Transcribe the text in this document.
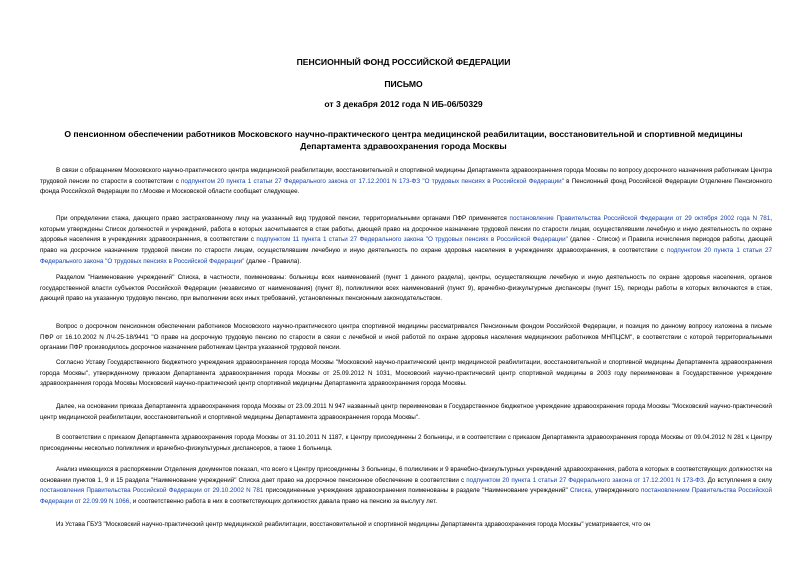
ПЕНСИОННЫЙ ФОНД РОССИЙСКОЙ ФЕДЕРАЦИИ
ПИСЬМО
от 3 декабря 2012 года N ИБ-06/50329
О пенсионном обеспечении работников Московского научно-практического центра медицинской реабилитации, восстановительной и спортивной медицины Департамента здравоохранения города Москвы

В связи с обращением Московского научно-практического центра медицинской реабилитации, восстановительной и спортивной медицины Департамента здравоохранения города Москвы по вопросу досрочного назначения работникам Центра трудовой пенсии по старости в соответствии с подпунктом 20 пункта 1 статьи 27 Федерального закона от 17.12.2001 N 173-ФЗ "О трудовых пенсиях в Российской Федерации" в Пенсионный фонд Российской Федерации Отделение Пенсионного фонда Российской Федерации по г.Москве и Московской области сообщает следующее.

При определении стажа, дающего право застрахованному лицу на указанный вид трудовой пенсии, территориальными органами ПФР применяется постановление Правительства Российской Федерации от 29 октября 2002 года N 781, которым утверждены Список должностей и учреждений, работа в которых засчитывается в стаж работы, дающей право на досрочное назначение трудовой пенсии по старости лицам, осуществлявшим лечебную и иную деятельность по охране здоровья населения в учреждениях здравоохранения, в соответствии с подпунктом 11 пункта 1 статьи 27 Федерального закона "О трудовых пенсиях в Российской Федерации" (далее - Список) и Правила исчисления периодов работы, дающей право на досрочное назначение трудовой пенсии по старости лицам, осуществлявшим лечебную и иную деятельность по охране здоровья населения в учреждениях здравоохранения, в соответствии с подпунктом 20 пункта 1 статьи 27 Федерального закона "О трудовых пенсиях в Российской Федерации" (далее - Правила).

Разделом "Наименование учреждений" Списка, в частности, поименованы: больницы всех наименований (пункт 1 данного раздела), центры, осуществляющие лечебную и иную деятельность по охране здоровья населения, органов государственной власти субъектов Российской Федерации (независимо от наименования) (пункт 8), поликлиники всех наименований (пункт 9), врачебно-физкультурные диспансеры (пункт 15), периоды работы в которых включаются в стаж, дающий право на указанную трудовую пенсию, при выполнении всех иных требований, установленных пенсионным законодательством.

Вопрос о досрочном пенсионном обеспечении работников Московского научно-практического центра спортивной медицины рассматривался Пенсионным фондом Российской Федерации, и позиция по данному вопросу изложена в письме ПФР от 16.10.2002 N ЛЧ-25-18/9441 "О праве на досрочную трудовую пенсию по старости в связи с лечебной и иной работой по охране здоровья населения медицинских работников МНПЦСМ", в соответствии с которой территориальными органами ПФР производилось досрочное назначение работникам Центра указанной трудовой пенсии.

Согласно Уставу Государственного бюджетного учреждения здравоохранения города Москвы "Московский научно-практический центр медицинской реабилитации, восстановительной и спортивной медицины Департамента здравоохранения города Москвы", утвержденному приказом Департамента здравоохранения города Москвы от 25.09.2012 N 1031, Московский научно-практический центр спортивной медицины в 2003 году переименован в Государственное учреждение здравоохранения города Москвы Московский научно-практический центр спортивной медицины Департамента здравоохранения города Москвы.

Далее, на основании приказа Департамента здравоохранения города Москвы от 23.09.2011 N 947 названный центр переименован в Государственное бюджетное учреждение здравоохранения города Москвы "Московский научно-практический центр медицинской реабилитации, восстановительной и спортивной медицины Департамента здравоохранения города Москвы".

В соответствии с приказом Департамента здравоохранения города Москвы от 31.10.2011 N 1187, к Центру присоединены 2 больницы, и в соответствии с приказом Департамента здравоохранения города Москвы от 09.04.2012 N 281 к Центру присоединены несколько поликлиник и врачебно-физкультурных диспансеров, а также 1 больница.

Анализ имеющихся в распоряжении Отделения документов показал, что всего к Центру присоединены 3 больницы, 6 поликлиник и 9 врачебно-физкультурных учреждений здравоохранения, работа в которых в соответствующих должностях на основании пунктов 1, 9 и 15 раздела "Наименование учреждений" Списка дает право на досрочное пенсионное обеспечение в соответствии с подпунктом 20 пункта 1 статьи 27 Федерального закона от 17.12.2001 N 173-ФЗ. До вступления в силу постановления Правительства Российской Федерации от 29.10.2002 N 781 присоединенные учреждения здравоохранения поименованы в разделе "Наименование учреждений" Списка, утвержденного постановлением Правительства Российской Федерации от 22.09.99 N 1066, и соответственно работа в них в соответствующих должностях давала право на пенсию за выслугу лет.

Из Устава ГБУЗ "Московский научно-практический центр медицинской реабилитации, восстановительной и спортивной медицины Департамента здравоохранения города Москвы" усматривается, что он
